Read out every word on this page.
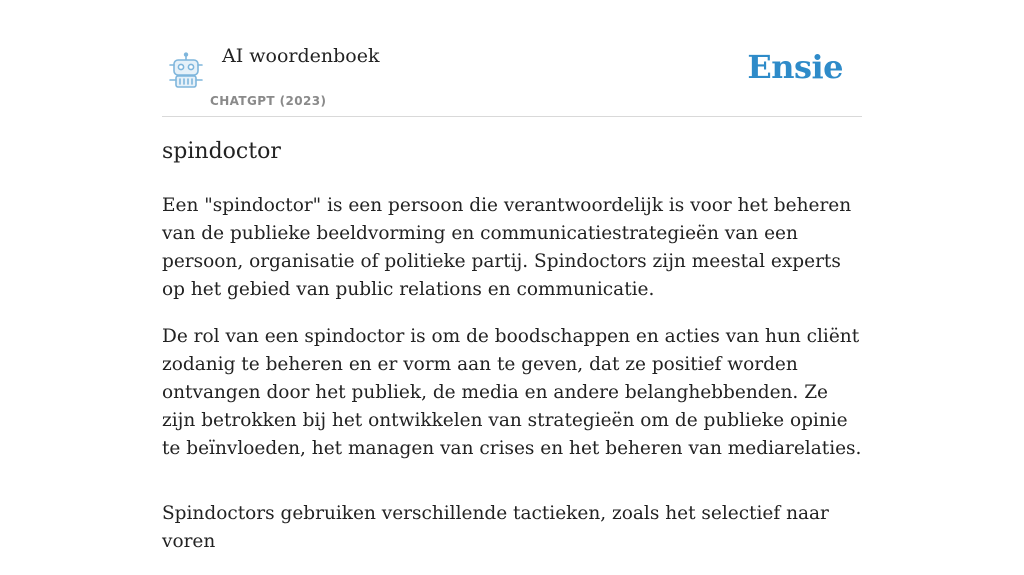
AI woordenboek
CHATGPT (2023)
Ensie
spindoctor

Een "spindoctor" is een persoon die verantwoordelijk is voor het beheren van de publieke beeldvorming en communicatiestrategieën van een persoon, organisatie of politieke partij. Spindoctors zijn meestal experts op het gebied van public relations en communicatie.

De rol van een spindoctor is om de boodschappen en acties van hun cliënt zodanig te beheren en er vorm aan te geven, dat ze positief worden ontvangen door het publiek, de media en andere belanghebbenden. Ze zijn betrokken bij het ontwikkelen van strategieën om de publieke opinie te beïnvloeden, het managen van crises en het beheren van mediarelaties.

Spindoctors gebruiken verschillende tactieken, zoals het selectief naar voren
